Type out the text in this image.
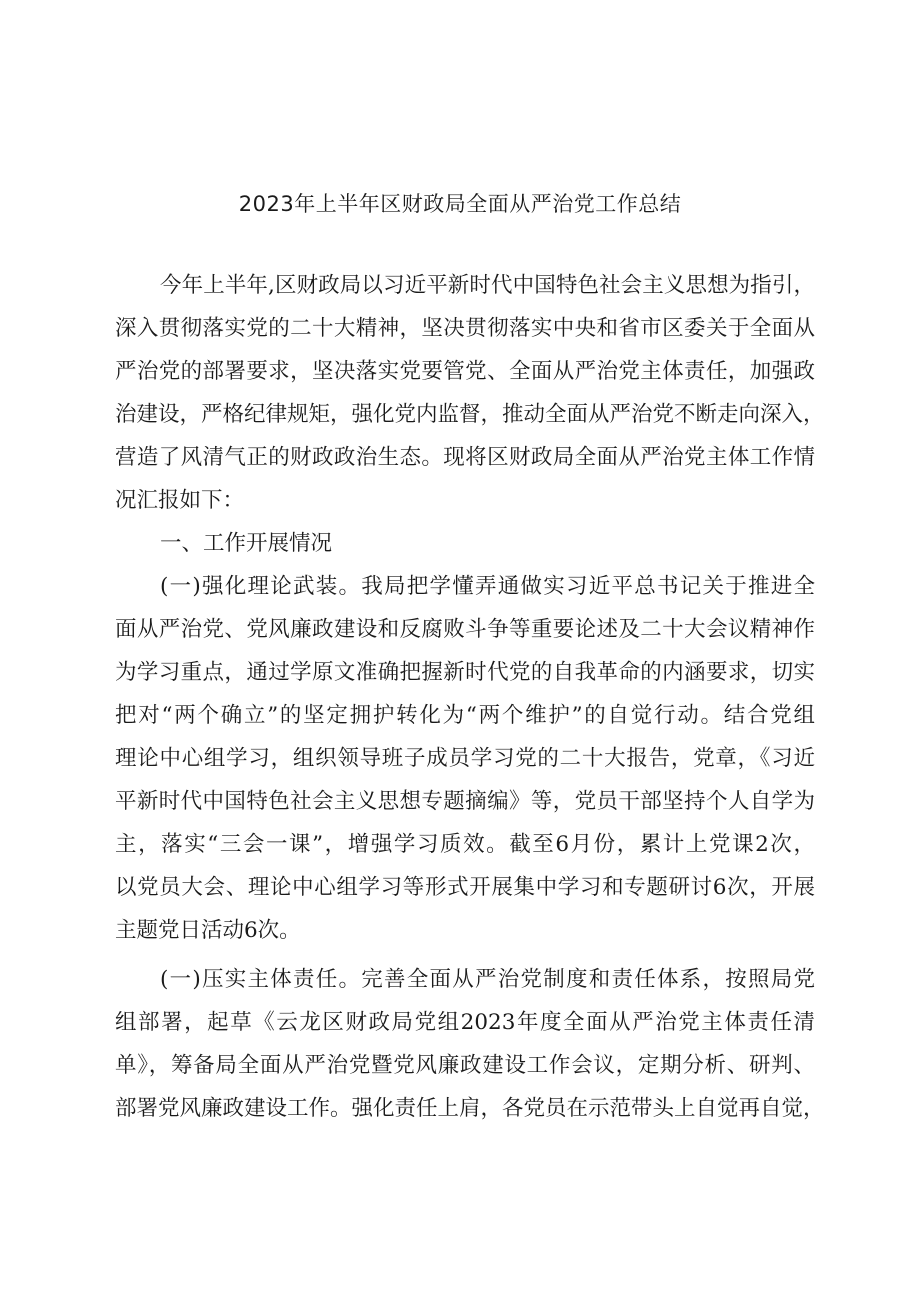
2023年上半年区财政局全面从严治党工作总结
今年上半年,区财政局以习近平新时代中国特色社会主义思想为指引，
深入贯彻落实党的二十大精神，坚决贯彻落实中央和省市区委关于全面从
严治党的部署要求，坚决落实党要管党、全面从严治党主体责任，加强政
治建设，严格纪律规矩，强化党内监督，推动全面从严治党不断走向深入，
营造了风清气正的财政政治生态。现将区财政局全面从严治党主体工作情
况汇报如下：
一、工作开展情况
(一)强化理论武装。我局把学懂弄通做实习近平总书记关于推进全
面从严治党、党风廉政建设和反腐败斗争等重要论述及二十大会议精神作
为学习重点，通过学原文准确把握新时代党的自我革命的内涵要求，切实
把对“两个确立”的坚定拥护转化为“两个维护”的自觉行动。结合党组
理论中心组学习，组织领导班子成员学习党的二十大报告，党章，《习近
平新时代中国特色社会主义思想专题摘编》等，党员干部坚持个人自学为
主，落实“三会一课”，增强学习质效。截至6月份，累计上党课2次，
以党员大会、理论中心组学习等形式开展集中学习和专题研讨6次，开展
主题党日活动6次。
(一)压实主体责任。完善全面从严治党制度和责任体系，按照局党
组部署，起草《云龙区财政局党组2023年度全面从严治党主体责任清
单》，筹备局全面从严治党暨党风廉政建设工作会议，定期分析、研判、
部署党风廉政建设工作。强化责任上肩，各党员在示范带头上自觉再自觉，
